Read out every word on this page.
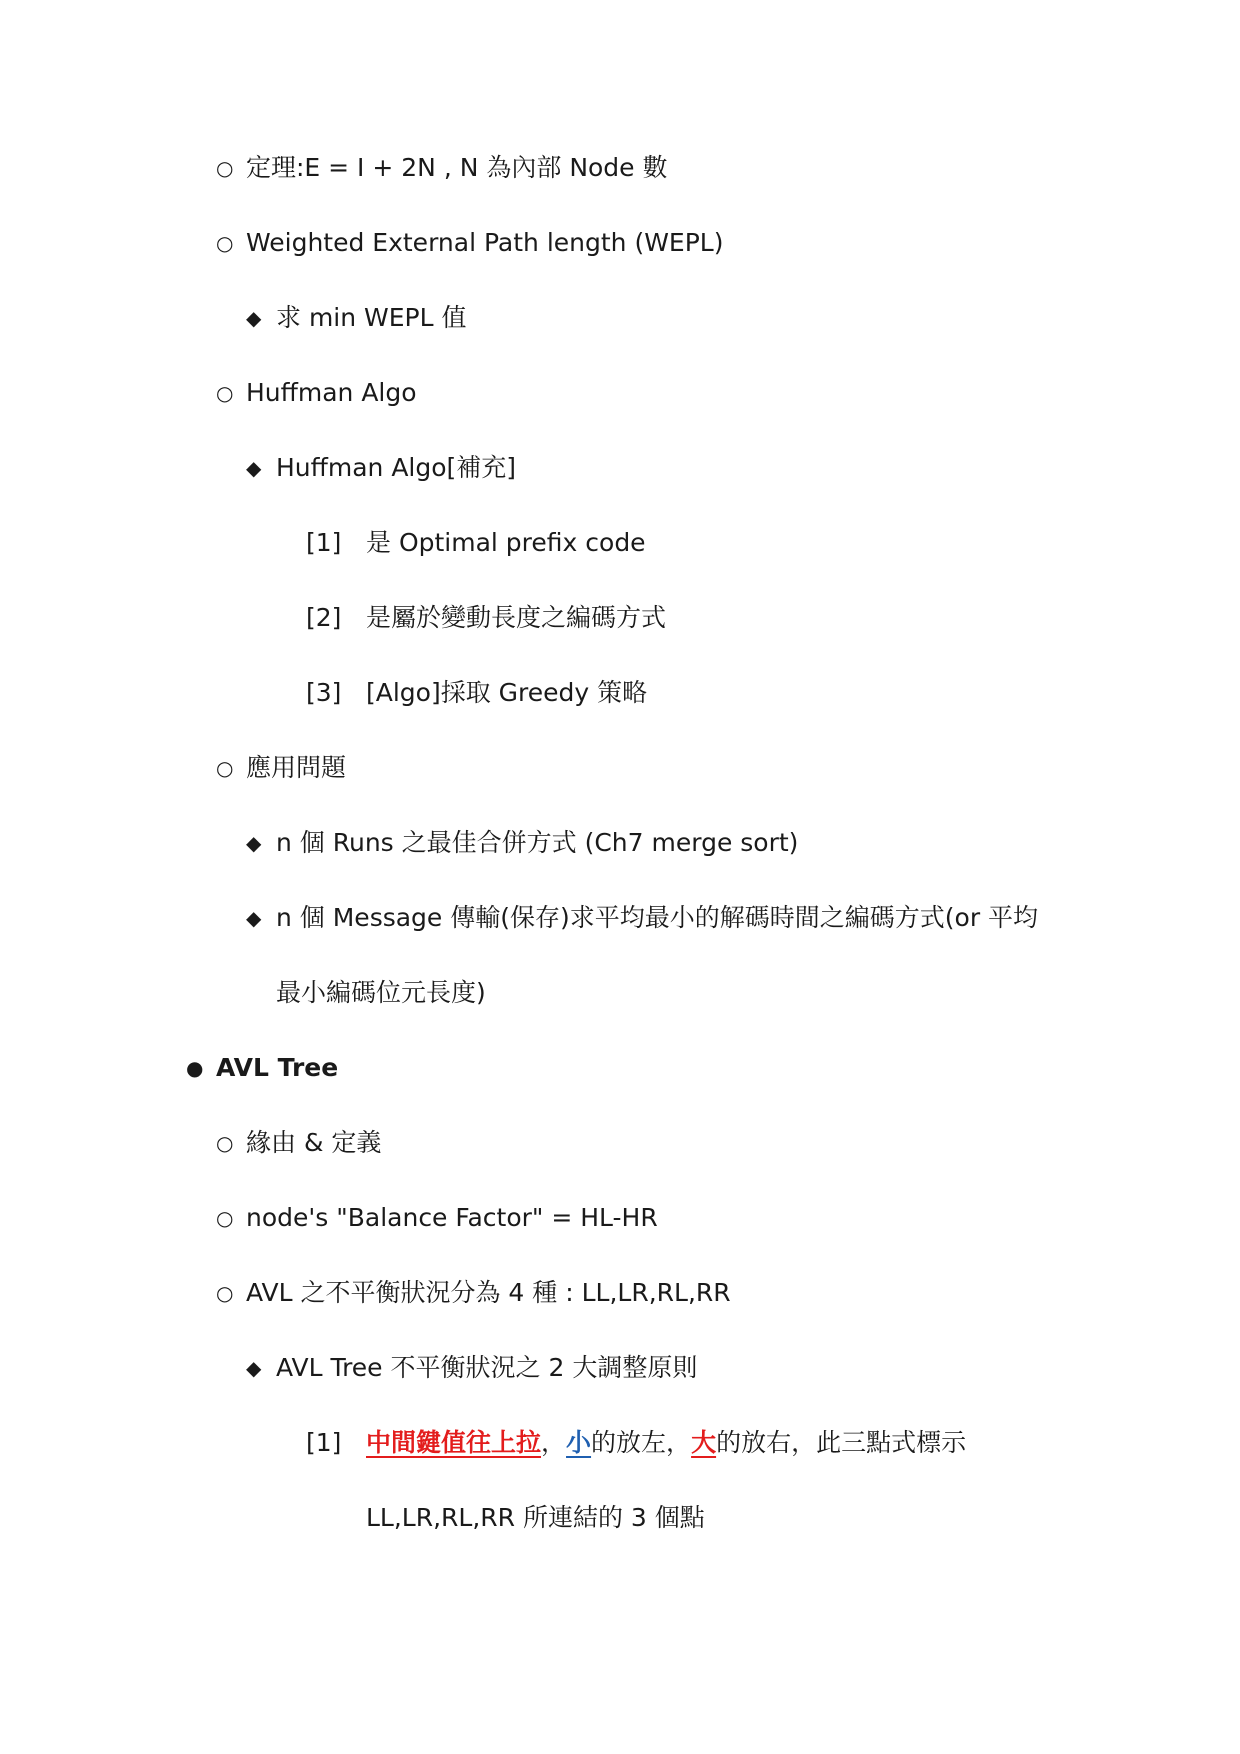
○ 定理:E = I + 2N , N 為內部 Node 數
○ Weighted External Path length (WEPL)
◆ 求 min WEPL 值
○ Huffman Algo
◆ Huffman Algo[補充]
[1] 是 Optimal prefix code
[2] 是屬於變動長度之編碼方式
[3] [Algo]採取 Greedy 策略
○ 應用問題
◆ n 個 Runs 之最佳合併方式 (Ch7 merge sort)
◆ n 個 Message 傳輸(保存)求平均最小的解碼時間之編碼方式(or 平均
最小編碼位元長度)
● AVL Tree
○ 緣由 & 定義
○ node's "Balance Factor" = HL-HR
○ AVL 之不平衡狀況分為 4 種 : LL,LR,RL,RR
◆ AVL Tree 不平衡狀況之 2 大調整原則
[1] 中間鍵值往上拉，小的放左，大的放右，此三點式標示
LL,LR,RL,RR 所連結的 3 個點
